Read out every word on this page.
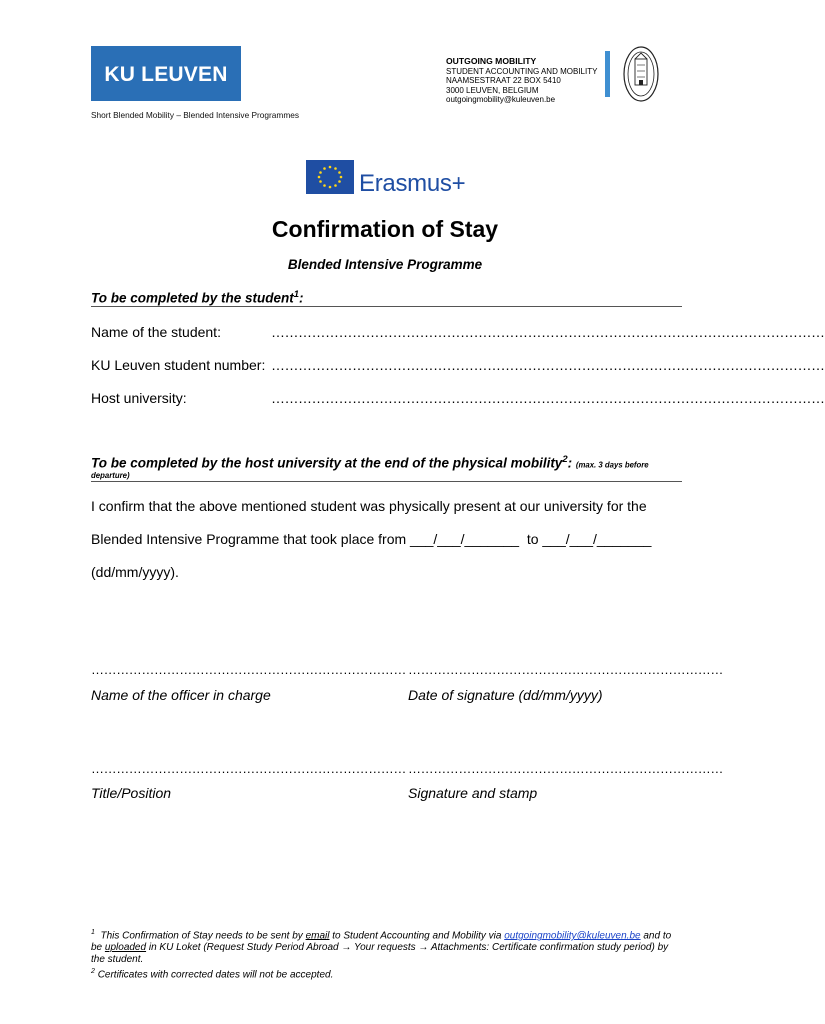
KU LEUVEN
OUTGOING MOBILITY
STUDENT ACCOUNTING AND MOBILITY
NAAMSESTRAAT 22 BOX 5410
3000 LEUVEN, BELGIUM
outgoingmobility@kuleuven.be
Short Blended Mobility – Blended Intensive Programmes
Erasmus+
Confirmation of Stay
Blended Intensive Programme
To be completed by the student$^1$:
Name of the student:	……………………………………………………………………………………………………………
KU Leuven student number: ……………………………………………………………………………………………………………
Host university:	……………………………………………………………………………………………………………
To be completed by the host university at the end of the physical mobility$^2$: (max. 3 days before
departure)
I confirm that the above mentioned student was physically present at our university for the
Blended Intensive Programme that took place from ___/___/_______  to ___/___/_______
(dd/mm/yyyy).
………………………………………………………………… …………………………………………………………………
Name of the officer in charge	Date of signature (dd/mm/yyyy)
………………………………………………………………… …………………………………………………………………
Title/Position	Signature and stamp
$^1$ This Confirmation of Stay needs to be sent by email to Student Accounting and Mobility via outgoingmobility@kuleuven.be and to
be uploaded in KU Loket (Request Study Period Abroad → Your requests → Attachments: Certificate confirmation study period) by the student.
$^2$ Certificates with corrected dates will not be accepted.
